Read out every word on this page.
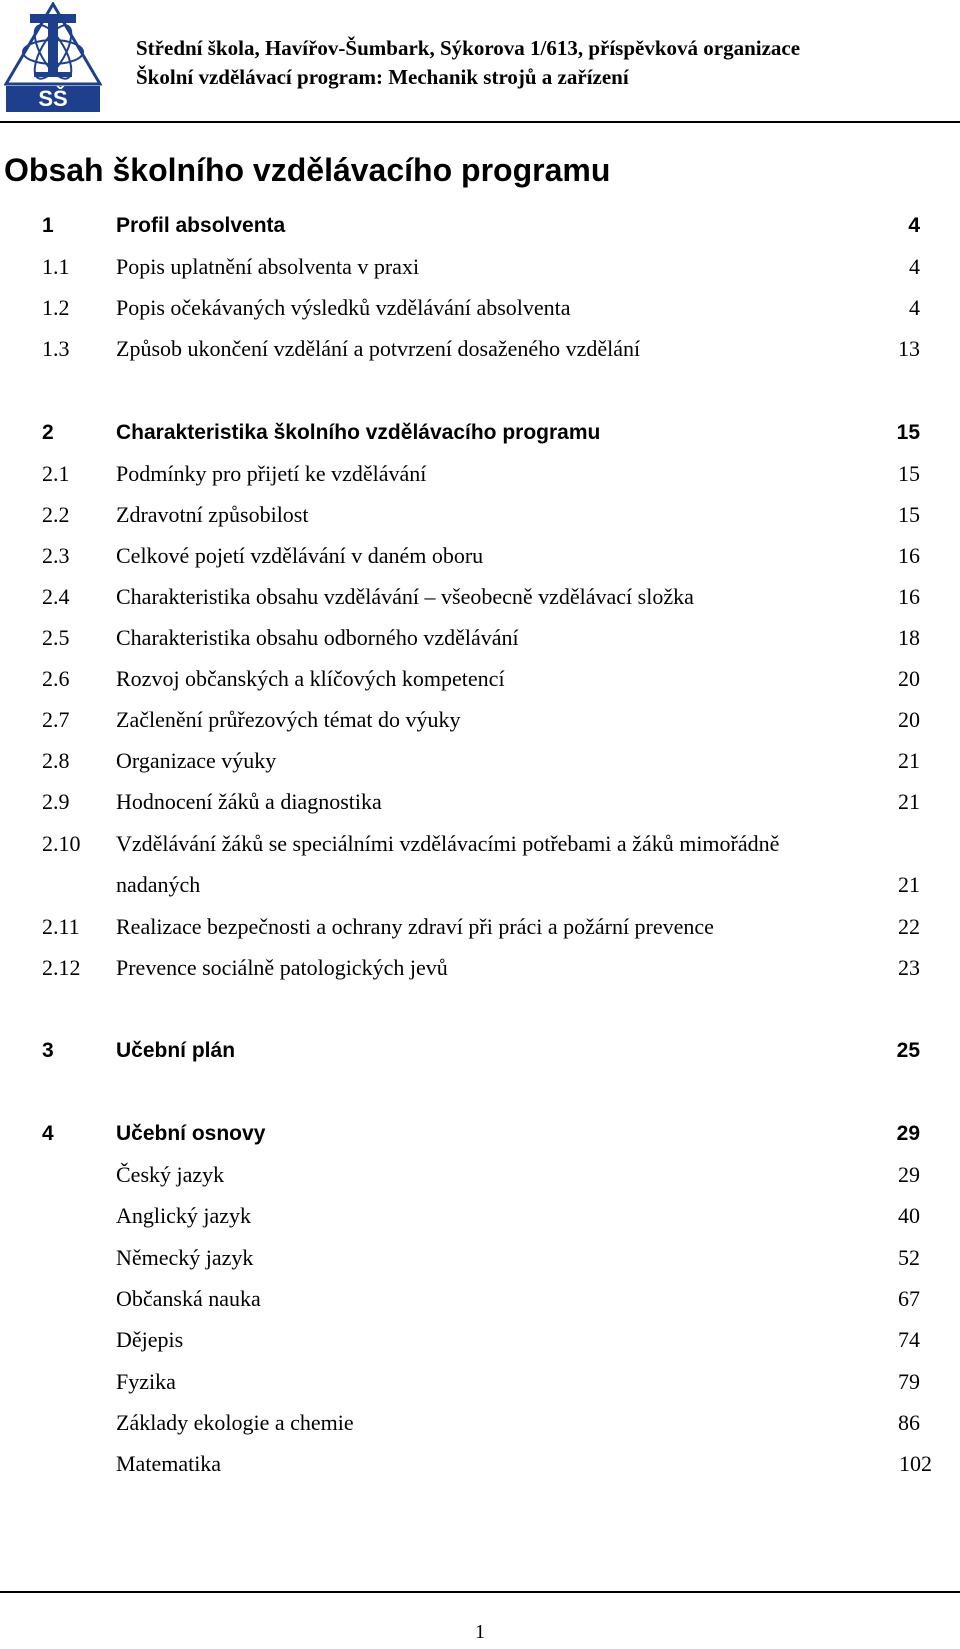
SŠ
Střední škola, Havířov-Šumbark, Sýkorova 1/613, příspěvková organizace
Školní vzdělávací program: Mechanik strojů a zařízení
Obsah školního vzdělávacího programu
1	Profil absolventa	4
1.1 Popis uplatnění absolventa v praxi	4
1.2 Popis očekávaných výsledků vzdělávání absolventa	4
1.3 Způsob ukončení vzdělání a potvrzení dosaženého vzdělání	13
2	Charakteristika školního vzdělávacího programu	15
2.1 Podmínky pro přijetí ke vzdělávání	15
2.2 Zdravotní způsobilost	15
2.3 Celkové pojetí vzdělávání v daném oboru	16
2.4 Charakteristika obsahu vzdělávání – všeobecně vzdělávací složka	16
2.5 Charakteristika obsahu odborného vzdělávání	18
2.6 Rozvoj občanských a klíčových kompetencí	20
2.7 Začlenění průřezových témat do výuky	20
2.8 Organizace výuky	21
2.9 Hodnocení žáků a diagnostika	21
2.10 Vzdělávání žáků se speciálními vzdělávacími potřebami a žáků mimořádně
nadaných	21
2.11 Realizace bezpečnosti a ochrany zdraví při práci a požární prevence	22
2.12 Prevence sociálně patologických jevů	23
3	Učební plán	25
4	Učební osnovy	29
Český jazyk	29
Anglický jazyk	40
Německý jazyk	52
Občanská nauka	67
Dějepis	74
Fyzika	79
Základy ekologie a chemie	86
Matematika	102
1
